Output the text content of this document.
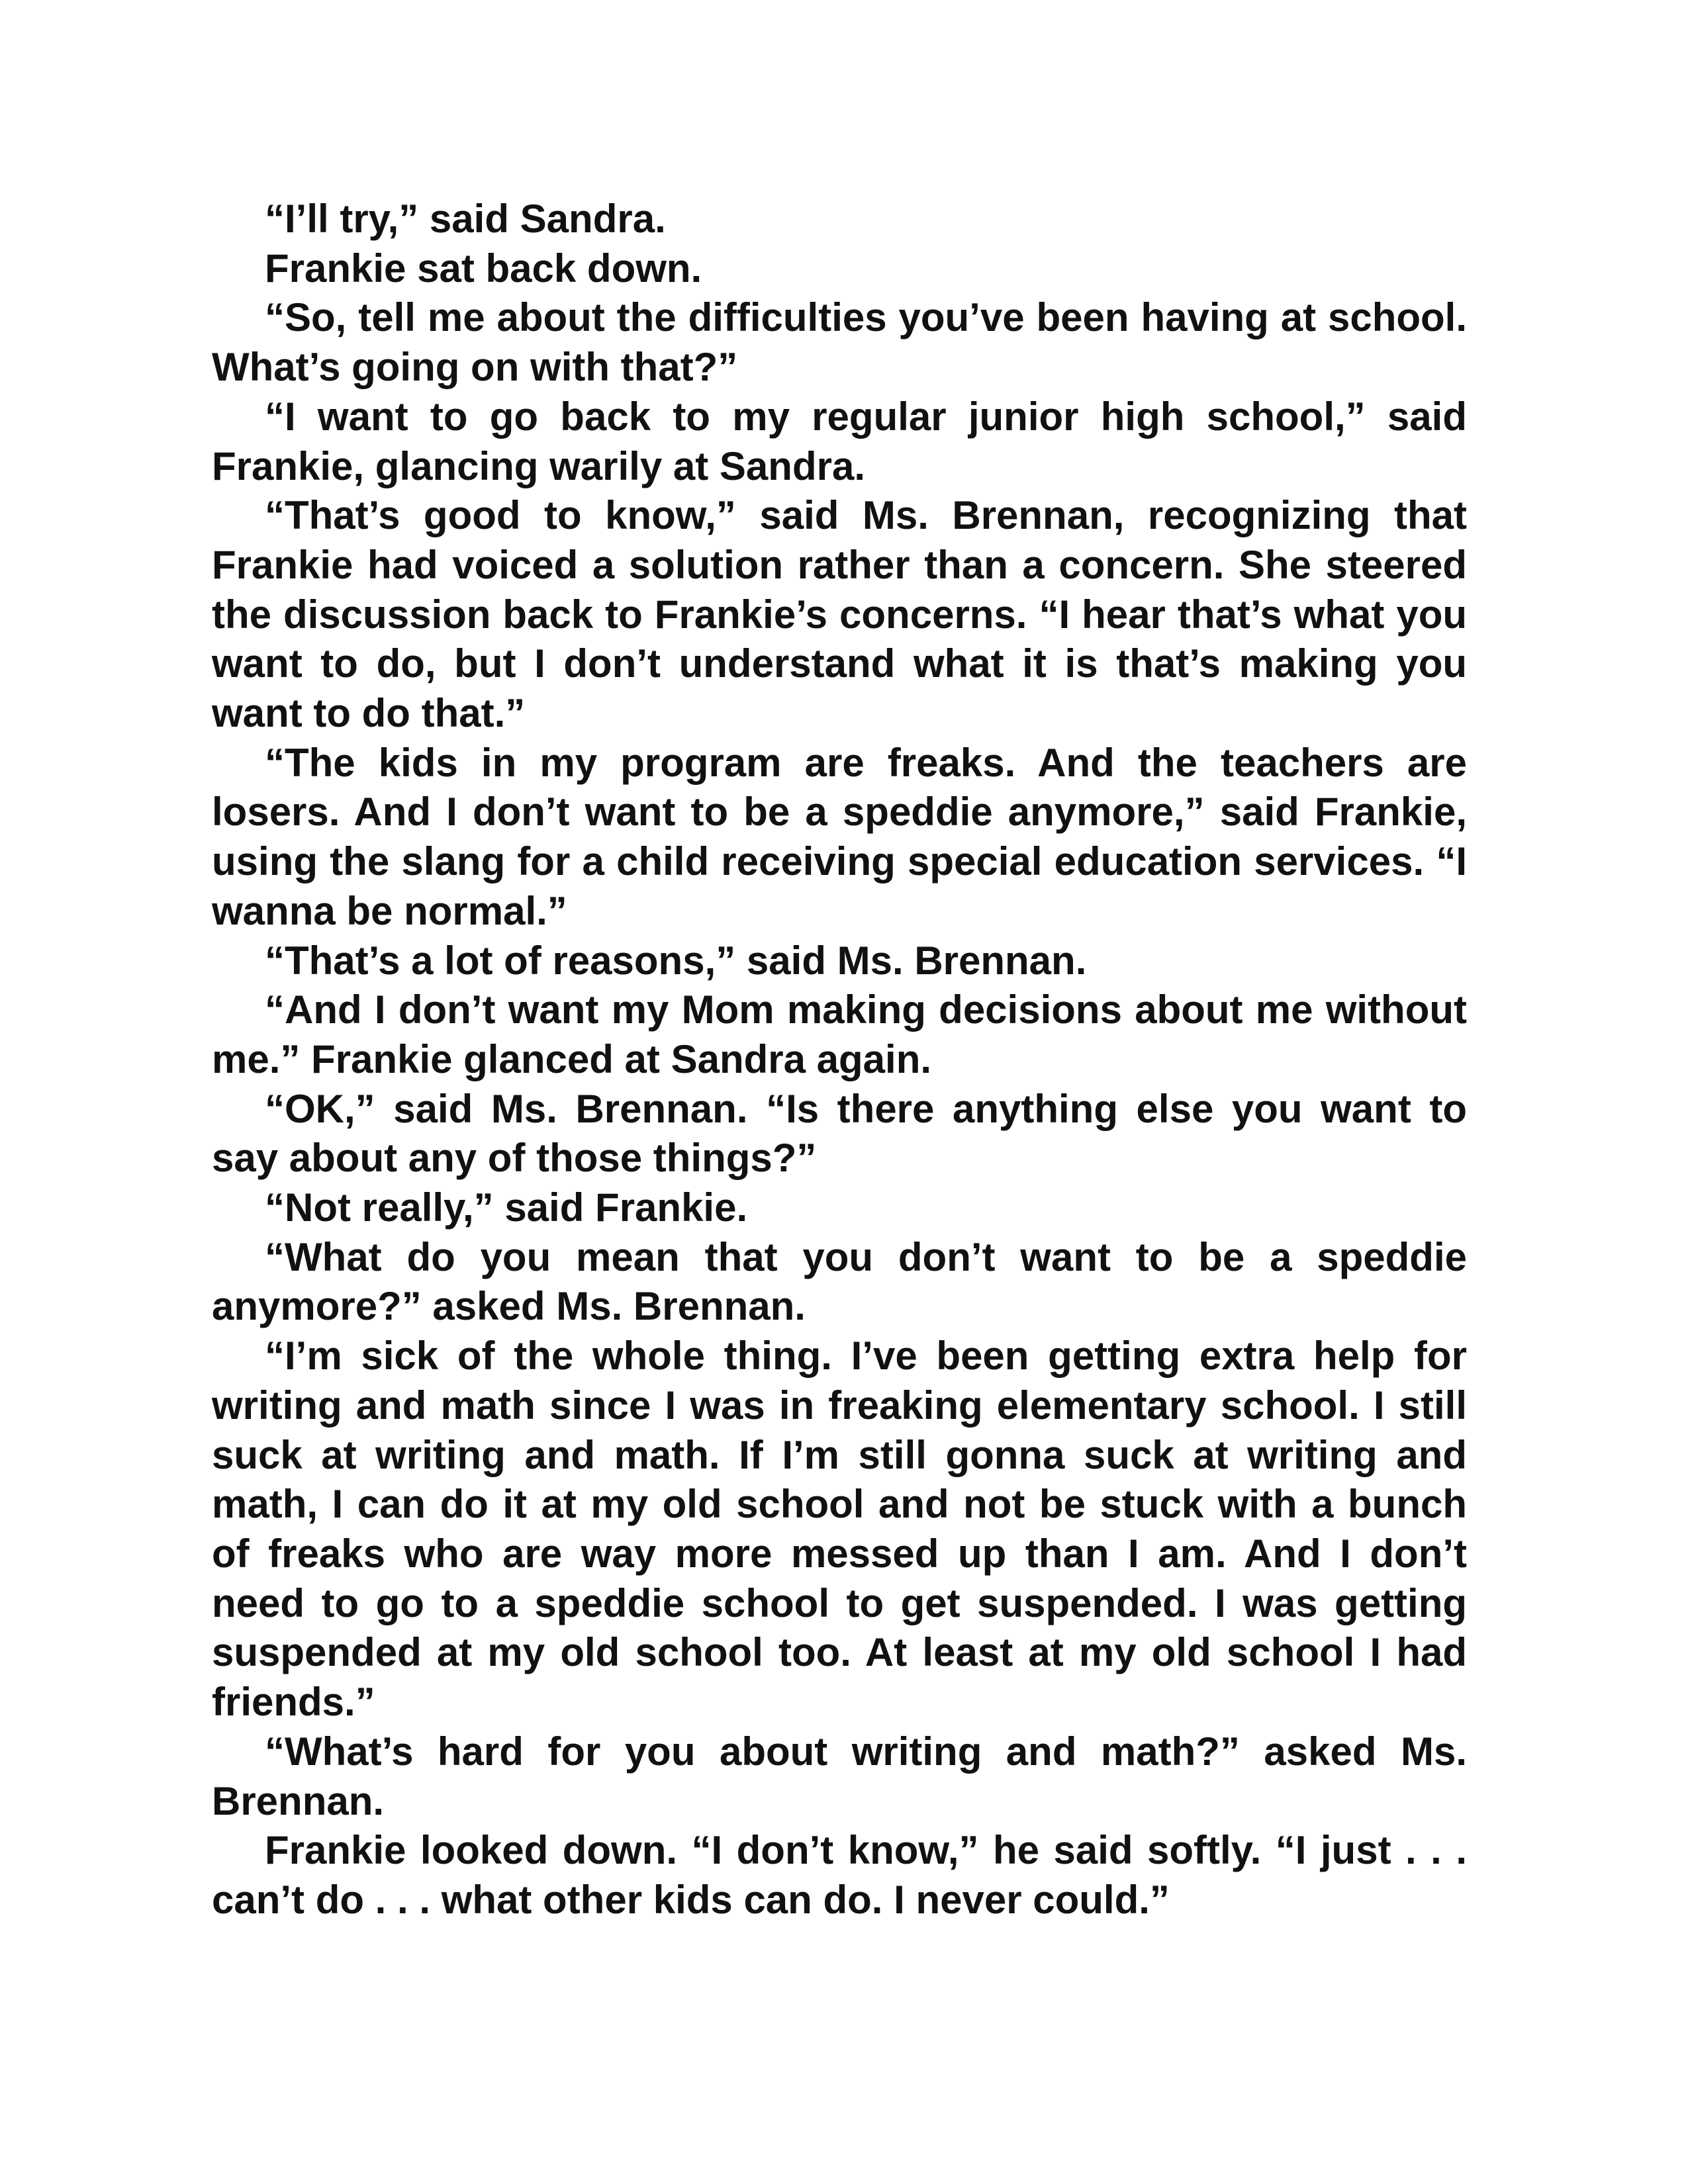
“I’ll try,” said Sandra.

Frankie sat back down.

“So, tell me about the difficulties you’ve been having at school. What’s going on with that?”

“I want to go back to my regular junior high school,” said Frankie, glancing warily at Sandra.

“That’s good to know,” said Ms. Brennan, recognizing that Frankie had voiced a solution rather than a concern. She steered the discussion back to Frankie’s concerns. “I hear that’s what you want to do, but I don’t understand what it is that’s making you want to do that.”

“The kids in my program are freaks. And the teachers are losers. And I don’t want to be a speddie anymore,” said Frankie, using the slang for a child receiving special education services. “I wanna be normal.”

“That’s a lot of reasons,” said Ms. Brennan.

“And I don’t want my Mom making decisions about me without me.” Frankie glanced at Sandra again.

“OK,” said Ms. Brennan. “Is there anything else you want to say about any of those things?”

“Not really,” said Frankie.

“What do you mean that you don’t want to be a speddie anymore?” asked Ms. Brennan.

“I’m sick of the whole thing. I’ve been getting extra help for writing and math since I was in freaking elementary school. I still suck at writing and math. If I’m still gonna suck at writing and math, I can do it at my old school and not be stuck with a bunch of freaks who are way more messed up than I am. And I don’t need to go to a speddie school to get suspended. I was getting suspended at my old school too. At least at my old school I had friends.”

“What’s hard for you about writing and math?” asked Ms. Brennan.

Frankie looked down. “I don’t know,” he said softly. “I just . . . can’t do . . . what other kids can do. I never could.”
